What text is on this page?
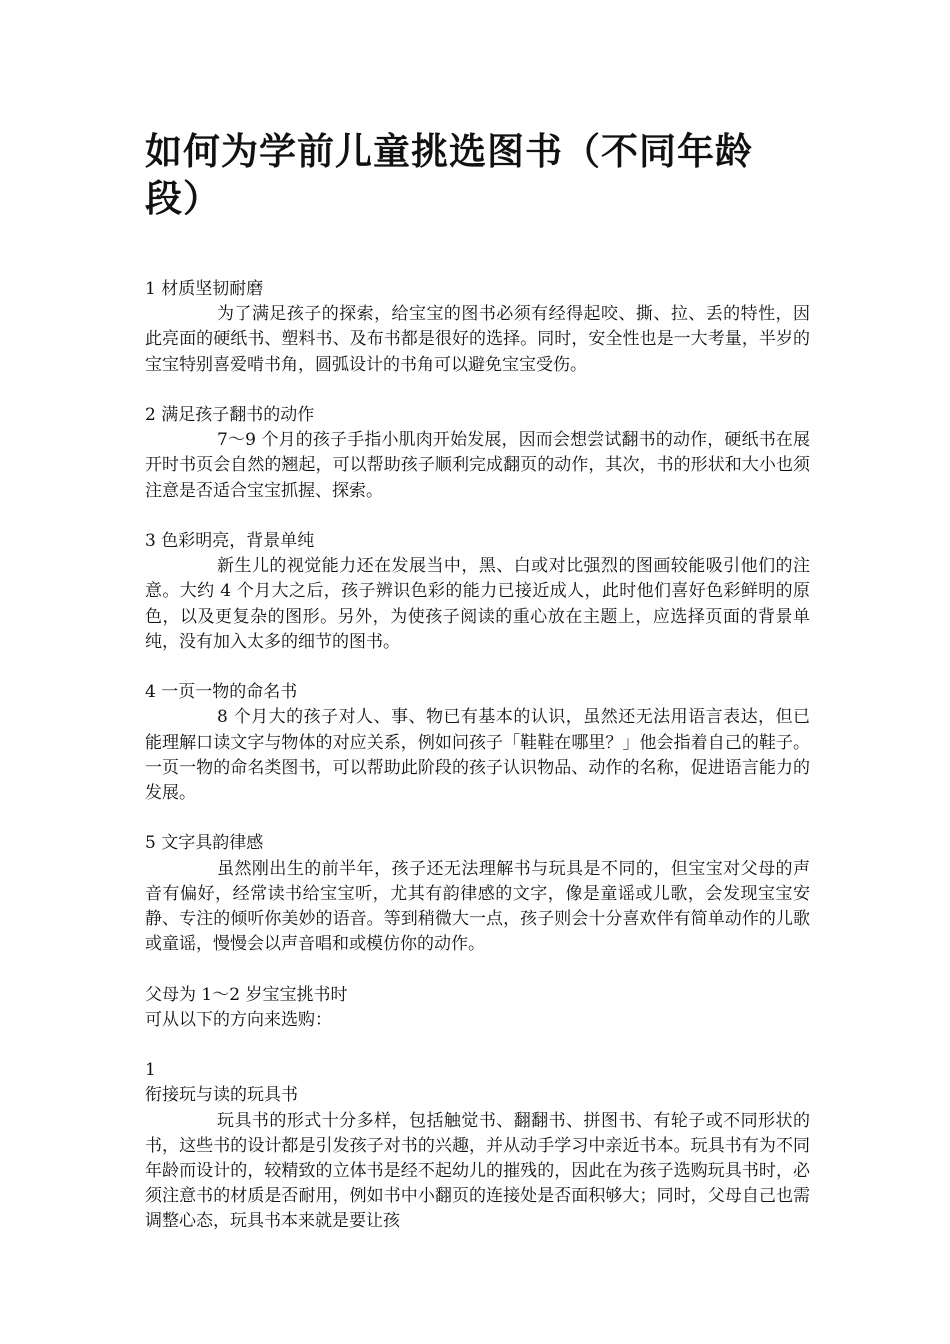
如何为学前儿童挑选图书（不同年龄段）

1 材质坚韧耐磨

为了满足孩子的探索，给宝宝的图书必须有经得起咬、撕、拉、丢的特性，因此亮面的硬纸书、塑料书、及布书都是很好的选择。同时，安全性也是一大考量，半岁的宝宝特别喜爱啃书角，圆弧设计的书角可以避免宝宝受伤。

2 满足孩子翻书的动作

7～9 个月的孩子手指小肌肉开始发展，因而会想尝试翻书的动作，硬纸书在展开时书页会自然的翘起，可以帮助孩子顺利完成翻页的动作，其次，书的形状和大小也须注意是否适合宝宝抓握、探索。

3 色彩明亮，背景单纯

新生儿的视觉能力还在发展当中，黑、白或对比强烈的图画较能吸引他们的注意。大约 4 个月大之后，孩子辨识色彩的能力已接近成人，此时他们喜好色彩鲜明的原色，以及更复杂的图形。另外，为使孩子阅读的重心放在主题上，应选择页面的背景单纯，没有加入太多的细节的图书。

4 一页一物的命名书

8 个月大的孩子对人、事、物已有基本的认识，虽然还无法用语言表达，但已能理解口读文字与物体的对应关系，例如问孩子「鞋鞋在哪里？」他会指着自己的鞋子。一页一物的命名类图书，可以帮助此阶段的孩子认识物品、动作的名称，促进语言能力的发展。

5 文字具韵律感

虽然刚出生的前半年，孩子还无法理解书与玩具是不同的，但宝宝对父母的声音有偏好，经常读书给宝宝听，尤其有韵律感的文字，像是童谣或儿歌，会发现宝宝安静、专注的倾听你美妙的语音。等到稍微大一点，孩子则会十分喜欢伴有简单动作的儿歌或童谣，慢慢会以声音唱和或模仿你的动作。

父母为 1～2 岁宝宝挑书时

可从以下的方向来选购：

1

衔接玩与读的玩具书

玩具书的形式十分多样，包括触觉书、翻翻书、拼图书、有轮子或不同形状的书，这些书的设计都是引发孩子对书的兴趣，并从动手学习中亲近书本。玩具书有为不同年龄而设计的，较精致的立体书是经不起幼儿的摧残的，因此在为孩子选购玩具书时，必须注意书的材质是否耐用，例如书中小翻页的连接处是否面积够大；同时，父母自己也需调整心态，玩具书本来就是要让孩
